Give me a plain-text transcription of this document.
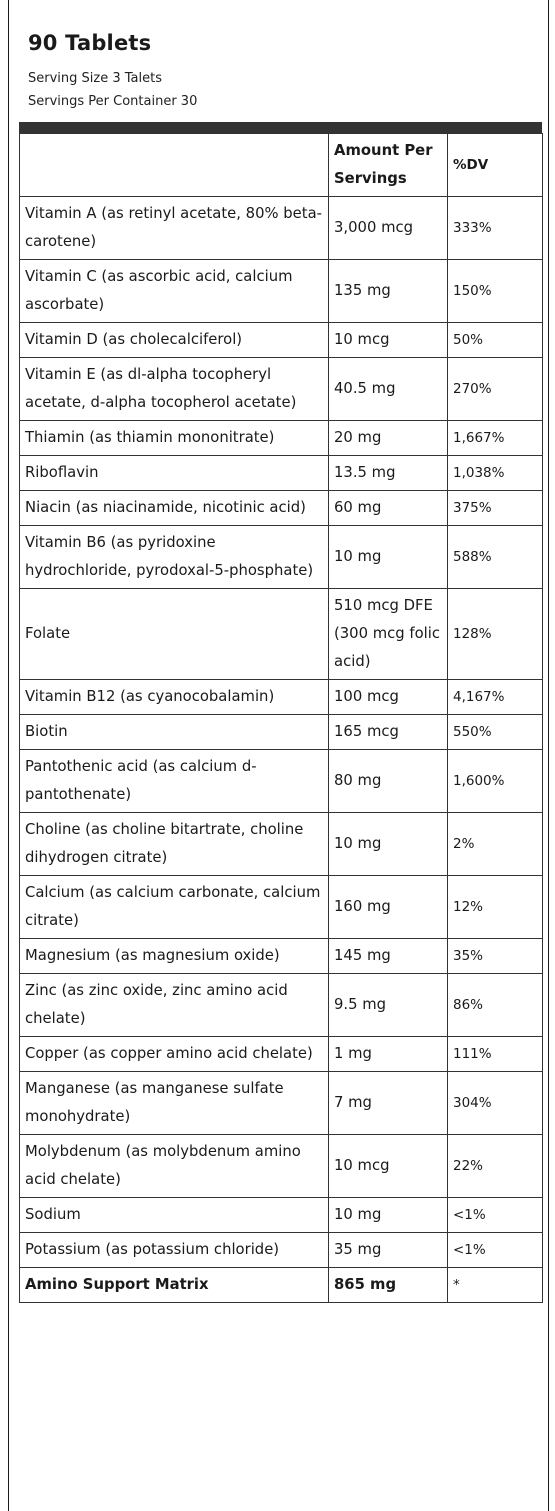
90 Tablets
Serving Size 3 Talets
Servings Per Container 30
	Amount Per Servings	%DV
Vitamin A (as retinyl acetate, 80% beta-carotene)	3,000 mcg	333%
Vitamin C (as ascorbic acid, calcium ascorbate)	135 mg	150%
Vitamin D (as cholecalciferol)	10 mcg	50%
Vitamin E (as dl-alpha tocopheryl acetate, d-alpha tocopherol acetate)	40.5 mg	270%
Thiamin (as thiamin mononitrate)	20 mg	1,667%
Riboflavin	13.5 mg	1,038%
Niacin (as niacinamide, nicotinic acid)	60 mg	375%
Vitamin B6 (as pyridoxine hydrochloride, pyrodoxal-5-phosphate)	10 mg	588%
Folate	510 mcg DFE (300 mcg folic acid)	128%
Vitamin B12 (as cyanocobalamin)	100 mcg	4,167%
Biotin	165 mcg	550%
Pantothenic acid (as calcium d-pantothenate)	80 mg	1,600%
Choline (as choline bitartrate, choline dihydrogen citrate)	10 mg	2%
Calcium (as calcium carbonate, calcium citrate)	160 mg	12%
Magnesium (as magnesium oxide)	145 mg	35%
Zinc (as zinc oxide, zinc amino acid chelate)	9.5 mg	86%
Copper (as copper amino acid chelate)	1 mg	111%
Manganese (as manganese sulfate monohydrate)	7 mg	304%
Molybdenum (as molybdenum amino acid chelate)	10 mcg	22%
Sodium	10 mg	<1%
Potassium (as potassium chloride)	35 mg	<1%
Amino Support Matrix	865 mg	*
